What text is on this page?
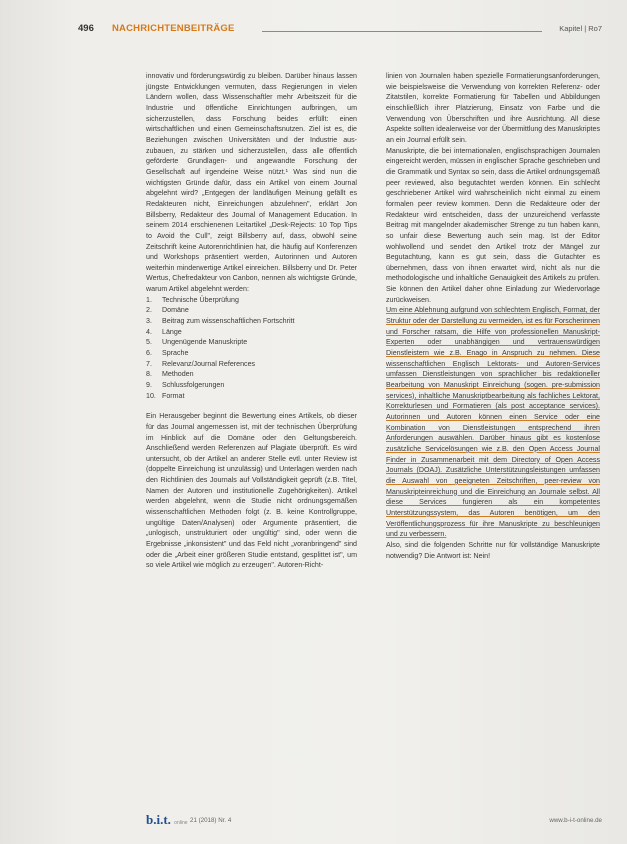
496 NACHRICHTENBEITRÄGE	Kapitel | Ro7

innovativ und förderungswürdig zu bleiben. Darüber hinaus lassen jüngste Entwicklungen vermuten, dass Regierungen in vielen Ländern wollen, dass Wissenschaftler mehr Arbeitszeit für die Industrie und öffentliche Einrichtungen aufbringen, um sicherzustellen, dass Forschung beides erfüllt: einen wirtschaftlichen und einen Gemeinschaftsnutzen. Ziel ist es, die Beziehungen zwischen Universitäten und der Industrie aus- zubauen, zu stärken und sicherzustellen, dass alle öffentlich geförderte Grundlagen- und angewandte Forschung der Gesellschaft auf irgendeine Weise nützt.¹ Was sind nun die wichtigsten Gründe dafür, dass ein Artikel von einem Journal abgelehnt wird? „Entgegen der landläufigen Meinung gefällt es Redakteuren nicht, Einreichungen abzulehnen", erklärt Jon Billsberry, Redakteur des Journal of Management Education. In seinem 2014 erschienenen Leitartikel „Desk-Rejects: 10 Top Tips to Avoid the Cull", zeigt Billsberry auf, dass, obwohl seine Zeitschrift keine Autorenrichtlinien hat, die häufig auf Konferenzen und Workshops präsentiert werden, Autorinnen und Autoren weiterhin minderwertige Artikel einreichen. Billsberry und Dr. Peter Wertus, Chefredakteur von Canbon, nennen als wichtigste Gründe, warum Artikel abgelehnt werden:

1.	Technische Überprüfung
2.	Domäne
3.	Beitrag zum wissenschaftlichen Fortschritt
4.	Länge
5.	Ungenügende Manuskripte
6.	Sprache
7.	Relevanz/Journal References
8.	Methoden
9.	Schlussfolgerungen
10. Format

Ein Herausgeber beginnt die Bewertung eines Artikels, ob dieser für das Journal angemessen ist, mit der technischen Überprüfung im Hinblick auf die Domäne oder den Geltungsbereich. Anschließend werden Referenzen auf Plagiate überprüft. Es wird untersucht, ob der Artikel an anderer Stelle evtl. unter Review ist (doppelte Einreichung ist unzulässig) und Unterlagen werden nach den Richtlinien des Journals auf Vollständigkeit geprüft (z.B. Titel, Namen der Autoren und institutionelle Zugehörigkeiten). Artikel werden abgelehnt, wenn die Studie nicht ordnungsgemäßen wissenschaftlichen Methoden folgt (z. B. keine Kontrollgruppe, ungültige Daten/Analysen) oder Argumente präsentiert, die „unlogisch, unstrukturiert oder ungültig" sind, oder wenn die Ergebnisse „inkonsistent" und das Feld nicht „voranbringend" sind oder die „Arbeit einer größeren Studie entstand, gesplittet ist", um so viele Artikel wie möglich zu erzeugen". Autoren-Richt-

linien von Journalen haben spezielle Formatierungsanforderungen, wie beispielsweise die Verwendung von korrekten Referenz- oder Zitatstilen, korrekte Formatierung für Tabellen und Abbildungen einschließlich ihrer Platzierung, Einsatz von Farbe und die Verwendung von Überschriften und ihre Ausrichtung. All diese Aspekte sollten idealerweise vor der Übermittlung des Manuskriptes an ein Journal erfüllt sein.

Manuskripte, die bei internationalen, englischsprachigen Journalen eingereicht werden, müssen in englischer Sprache geschrieben und die Grammatik und Syntax so sein, dass die Artikel ordnungsgemäß peer reviewed, also begutachtet werden können. Ein schlecht geschriebener Artikel wird wahrscheinlich nicht einmal zu einem formalen peer review kommen. Denn die Redakteure oder der Redakteur wird entscheiden, dass der unzureichend verfasste Beitrag mit mangelnder akademischer Strenge zu tun haben kann, so unfair diese Bewertung auch sein mag. Ist der Editor wohlwollend und sendet den Artikel trotz der Mängel zur Begutachtung, kann es gut sein, dass die Gutachter es übernehmen, dass von ihnen erwartet wird, nicht als nur die methodologische und inhaltliche Genauigkeit des Artikels zu prüfen. Sie können den Artikel daher ohne Einladung zur Wiedervorlage zurückweisen.

Um eine Ablehnung aufgrund von schlechtem Englisch, Format, der Struktur oder der Darstellung zu vermeiden, ist es für Forscherinnen und Forscher ratsam, die Hilfe von professionellen Manuskript-Experten oder unabhängigen und vertrauenswürdigen Dienstleistern wie z.B. Enago in Anspruch zu nehmen. Diese wissenschaftlichen Englisch Lektorats- und Autoren-Services umfassen Dienstleistungen von sprachlicher bis redaktioneller Bearbeitung von Manuskript Einreichung (sogen. pre-submission services), inhaltliche Manuskriptbearbeitung als fachliches Lektorat, Korrekturlesen und Formatieren (als post acceptance services). Autorinnen und Autoren können einen Service oder eine Kombination von Dienstleistungen entsprechend ihren Anforderungen auswählen. Darüber hinaus gibt es kostenlose zusätzliche Servicelösungen wie z.B. den Open Access Journal Finder in Zusammenarbeit mit dem Directory of Open Access Journals (DOAJ). Zusätzliche Unterstützungsleistungen umfassen die Auswahl von geeigneten Zeitschriften, peer-review von Manuskripteinreichung und die Einreichung an Journale selbst. All diese Services fungieren als ein kompetentes Unterstützungssystem, das Autoren benötigen, um den Veröffentlichungsprozess für ihre Manuskripte zu beschleunigen und zu verbessern.

Also, sind die folgenden Schritte nur für vollständige Manuskripte notwendig? Die Antwort ist: Nein!

b.i.t. online 21 (2018) Nr. 4	www.b-i-t-online.de
